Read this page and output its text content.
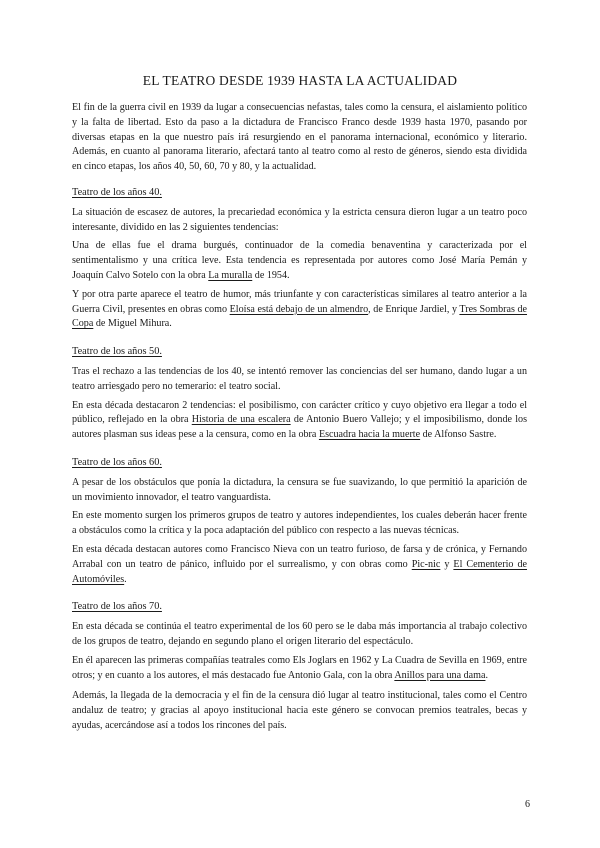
EL TEATRO DESDE 1939 HASTA LA ACTUALIDAD

El fin de la guerra civil en 1939 da lugar a consecuencias nefastas, tales como la censura, el aislamiento político y la falta de libertad. Esto da paso a la dictadura de Francisco Franco desde 1939 hasta 1970, pasando por diversas etapas en la que nuestro país irá resurgiendo en el panorama internacional, económico y literario. Además, en cuanto al panorama literario, afectará tanto al teatro como al resto de géneros, siendo esta dividida en cinco etapas, los años 40, 50, 60, 70 y 80, y la actualidad.

Teatro de los años 40.

La situación de escasez de autores, la precariedad económica y la estricta censura dieron lugar a un teatro poco interesante, dividido en las 2 siguientes tendencias:

Una de ellas fue el drama burgués, continuador de la comedia benaventina y caracterizada por el sentimentalismo y una crítica leve. Esta tendencia es representada por autores como José María Pemán y Joaquín Calvo Sotelo con la obra La muralla de 1954.

Y por otra parte aparece el teatro de humor, más triunfante y con características similares al teatro anterior a la Guerra Civil, presentes en obras como Eloísa está debajo de un almendro, de Enrique Jardiel, y Tres Sombras de Copa de Miguel Mihura.

Teatro de los años 50.

Tras el rechazo a las tendencias de los 40, se intentó remover las conciencias del ser humano, dando lugar a un teatro arriesgado pero no temerario: el teatro social.

En esta década destacaron 2 tendencias: el posibilismo, con carácter crítico y cuyo objetivo era llegar a todo el público, reflejado en la obra Historia de una escalera de Antonio Buero Vallejo; y el imposibilismo, donde los autores plasman sus ideas pese a la censura, como en la obra Escuadra hacia la muerte de Alfonso Sastre.

Teatro de los años 60.

A pesar de los obstáculos que ponía la dictadura, la censura se fue suavizando, lo que permitió la aparición de un movimiento innovador, el teatro vanguardista.

En este momento surgen los primeros grupos de teatro y autores independientes, los cuales deberán hacer frente a obstáculos como la crítica y la poca adaptación del público con respecto a las nuevas técnicas.

En esta década destacan autores como Francisco Nieva con un teatro furioso, de farsa y de crónica, y Fernando Arrabal con un teatro de pánico, influido por el surrealismo, y con obras como Pic-nic y El Cementerio de Automóviles.

Teatro de los años 70.

En esta década se continúa el teatro experimental de los 60 pero se le daba más importancia al trabajo colectivo de los grupos de teatro, dejando en segundo plano el origen literario del espectáculo.

En él aparecen las primeras compañías teatrales como Els Joglars en 1962 y La Cuadra de Sevilla en 1969, entre otros; y en cuanto a los autores, el más destacado fue Antonio Gala, con la obra Anillos para una dama.

Además, la llegada de la democracia y el fin de la censura dió lugar al teatro institucional, tales como el Centro andaluz de teatro; y gracias al apoyo institucional hacia este género se convocan premios teatrales, becas y ayudas, acercándose así a todos los rincones del país.

6
